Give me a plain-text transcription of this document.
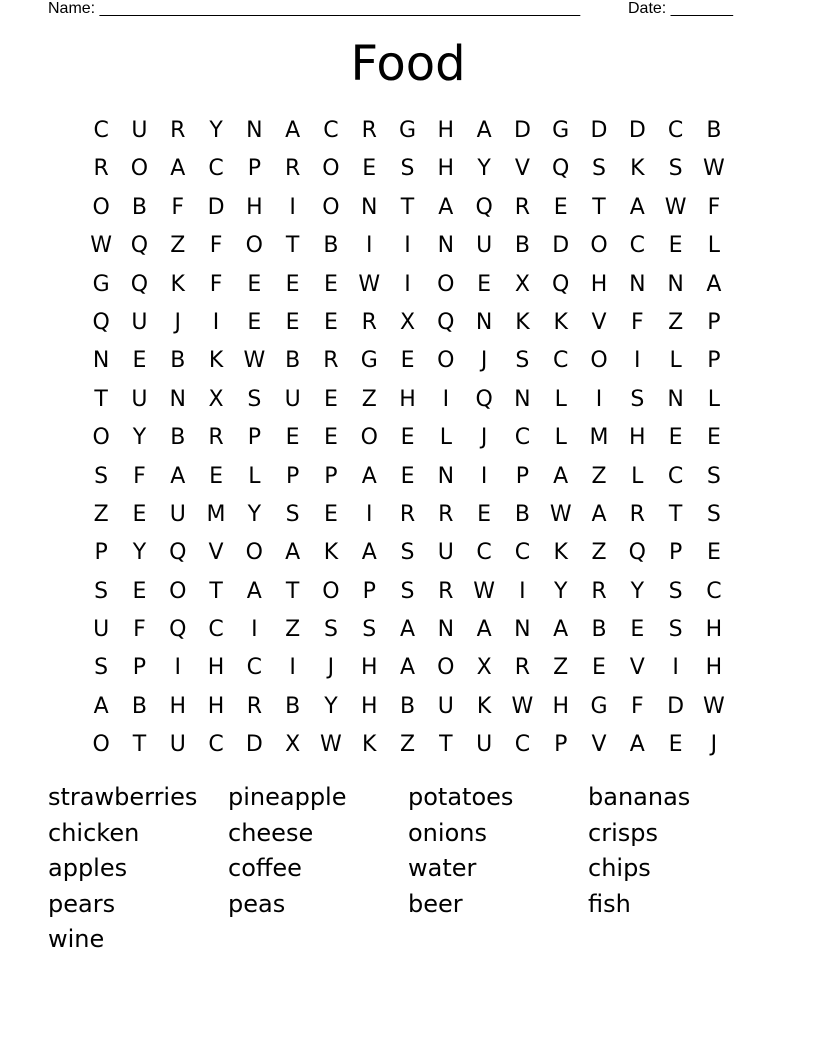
Name: ______________________________________________________	Date: _______
Food
C	U	R	Y	N	A	C	R	G H	A	D G D D	C	B
R O	A	C	P	R O	E	S	H	Y	V	Q	S	K	S W
O	B	F	D H	I	O N	T	A	Q R	E	T	A W F
W Q	Z	F	O	T	B	I	I	N	U	B	D O C	E	L
G Q	K	F	E	E	E W	I	O	E	X	Q H N N	A
Q U	J	I	E	E	E	R	X	Q N	K	K	V	F	Z	P
N	E	B	K W B	R	G	E	O	J	S	C O	I	L	P
T	U	N	X	S	U	E	Z	H	I	Q N	L	I	S	N	L
O	Y	B	R	P	E	E	O	E	L	J	C	L	M H	E	E
S	F	A	E	L	P	P	A	E	N	I	P	A	Z	L	C	S
Z	E	U M	Y	S	E	I	R	R	E	B W A	R	T	S
P	Y	Q	V	O	A	K	A	S	U	C	C	K	Z	Q	P	E
S	E	O	T	A	T	O	P	S	R W	I	Y	R	Y	S	C
U	F	Q C	I	Z	S	S	A	N	A	N	A	B	E	S	H
S	P	I	H	C	I	J	H	A	O	X	R	Z	E	V	I	H
A	B	H H	R	B	Y	H	B	U	K W H G	F	D W
O	T	U	C	D	X W K	Z	T	U	C	P	V	A	E	J
strawberries	pineapple	potatoes	bananas
chicken	cheese	onions	crisps
apples	coffee	water	chips
pears	peas	beer	fish
wine
